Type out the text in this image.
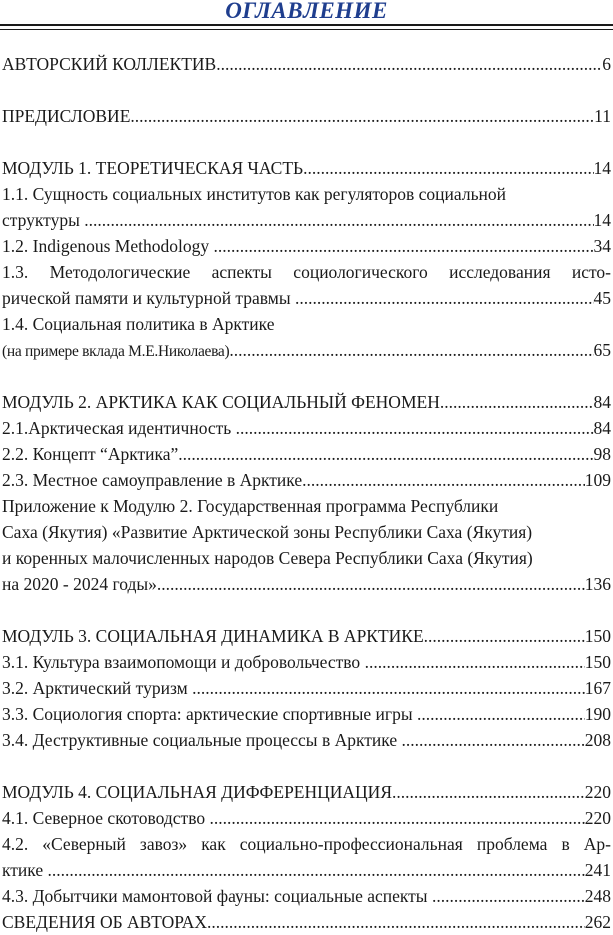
ОГЛАВЛЕНИЕ
АВТОРСКИЙ КОЛЛЕКТИВ .....	6
ПРЕДИСЛОВИЕ .....	11
МОДУЛЬ 1. ТЕОРЕТИЧЕСКАЯ ЧАСТЬ .....	14
1.1. Сущность социальных институтов как регуляторов социальной
структуры .....	14
1.2. Indigenous Methodology .....	34
1.3. Методологические аспекты социологического исследования исто-
рической памяти и культурной травмы .....	45
1.4. Социальная политика в Арктике
(на примере вклада М.Е.Николаева) .....	65
МОДУЛЬ 2. АРКТИКА КАК СОЦИАЛЬНЫЙ ФЕНОМЕН .....	84
2.1.Арктическая идентичность .....	84
2.2. Концепт “Арктика” .....	98
2.3. Местное самоуправление в Арктике .....	109
Приложение к Модулю 2. Государственная программа Республики
Саха (Якутия) «Развитие Арктической зоны Республики Саха (Якутия)
и коренных малочисленных народов Севера Республики Саха (Якутия)
на 2020 - 2024 годы» .....	136
МОДУЛЬ 3. СОЦИАЛЬНАЯ ДИНАМИКА В АРКТИКЕ .....	150
3.1. Культура взаимопомощи и добровольчество .....	150
3.2. Арктический туризм .....	167
3.3. Социология спорта: арктические спортивные игры .....	190
3.4. Деструктивные социальные процессы в Арктике .....	208
МОДУЛЬ 4. СОЦИАЛЬНАЯ ДИФФЕРЕНЦИАЦИЯ .....	220
4.1. Северное скотоводство .....	220
4.2. «Северный завоз» как социально-профессиональная проблема в Ар-
ктике .....	241
4.3. Добытчики мамонтовой фауны: социальные аспекты .....	248
СВЕДЕНИЯ ОБ АВТОРАХ .....	262
